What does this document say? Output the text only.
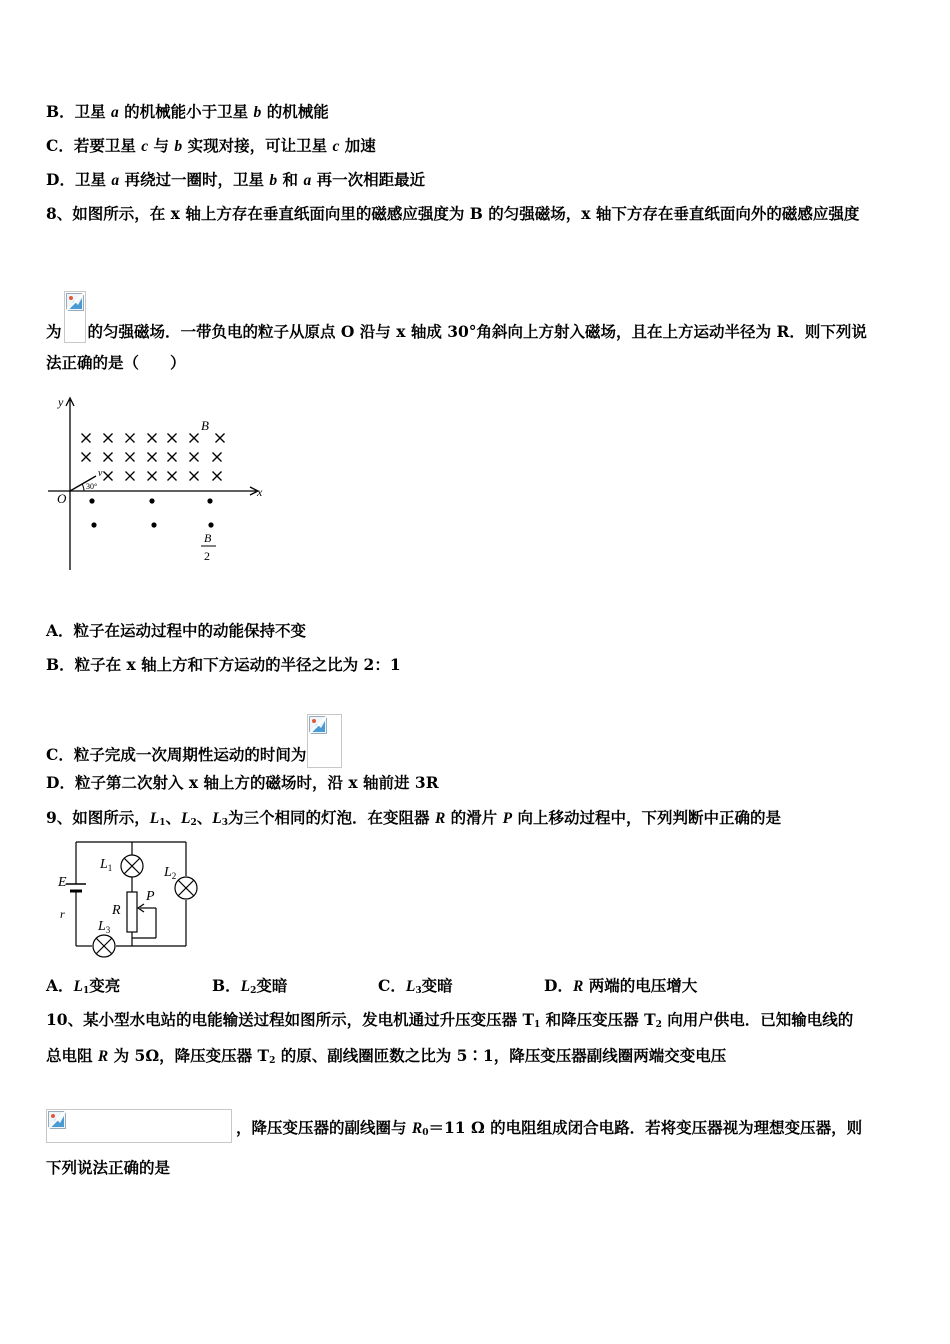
B．卫星 a 的机械能小于卫星 b 的机械能
C．若要卫星 c 与 b 实现对接，可让卫星 c 加速
D．卫星 a 再绕过一圈时，卫星 b 和 a 再一次相距最近
8、如图所示，在 x 轴上方存在垂直纸面向里的磁感应强度为 B 的匀强磁场，x 轴下方存在垂直纸面向外的磁感应强度
为 的匀强磁场．一带负电的粒子从原点 O 沿与 x 轴成 30°角斜向上方射入磁场，且在上方运动半径为 R．则下列说
法正确的是（　　）
y
x
O
v
30°
B
B
2
A．粒子在运动过程中的动能保持不变
B．粒子在 x 轴上方和下方运动的半径之比为 2：1
C．粒子完成一次周期性运动的时间为
D．粒子第二次射入 x 轴上方的磁场时，沿 x 轴前进 3R
9、如图所示，$L_1$、$L_2$、$L_3$为三个相同的灯泡．在变阻器 R 的滑片 P 向上移动过程中，下列判断中正确的是
E
r
$L_1$	$L_2$
$L_3$
R
P
A．$L_1$变亮	B．$L_2$变暗	C．$L_3$变暗	D．R 两端的电压增大
10、某小型水电站的电能输送过程如图所示，发电机通过升压变压器 $T_1$ 和降压变压器 $T_2$ 向用户供电．已知输电线的
总电阻 R 为 5Ω，降压变压器 $T_2$ 的原、副线圈匝数之比为 5∶1，降压变压器副线圈两端交变电压
，降压变压器的副线圈与 $R_0=11$ Ω 的电阻组成闭合电路．若将变压器视为理想变压器，则
下列说法正确的是
